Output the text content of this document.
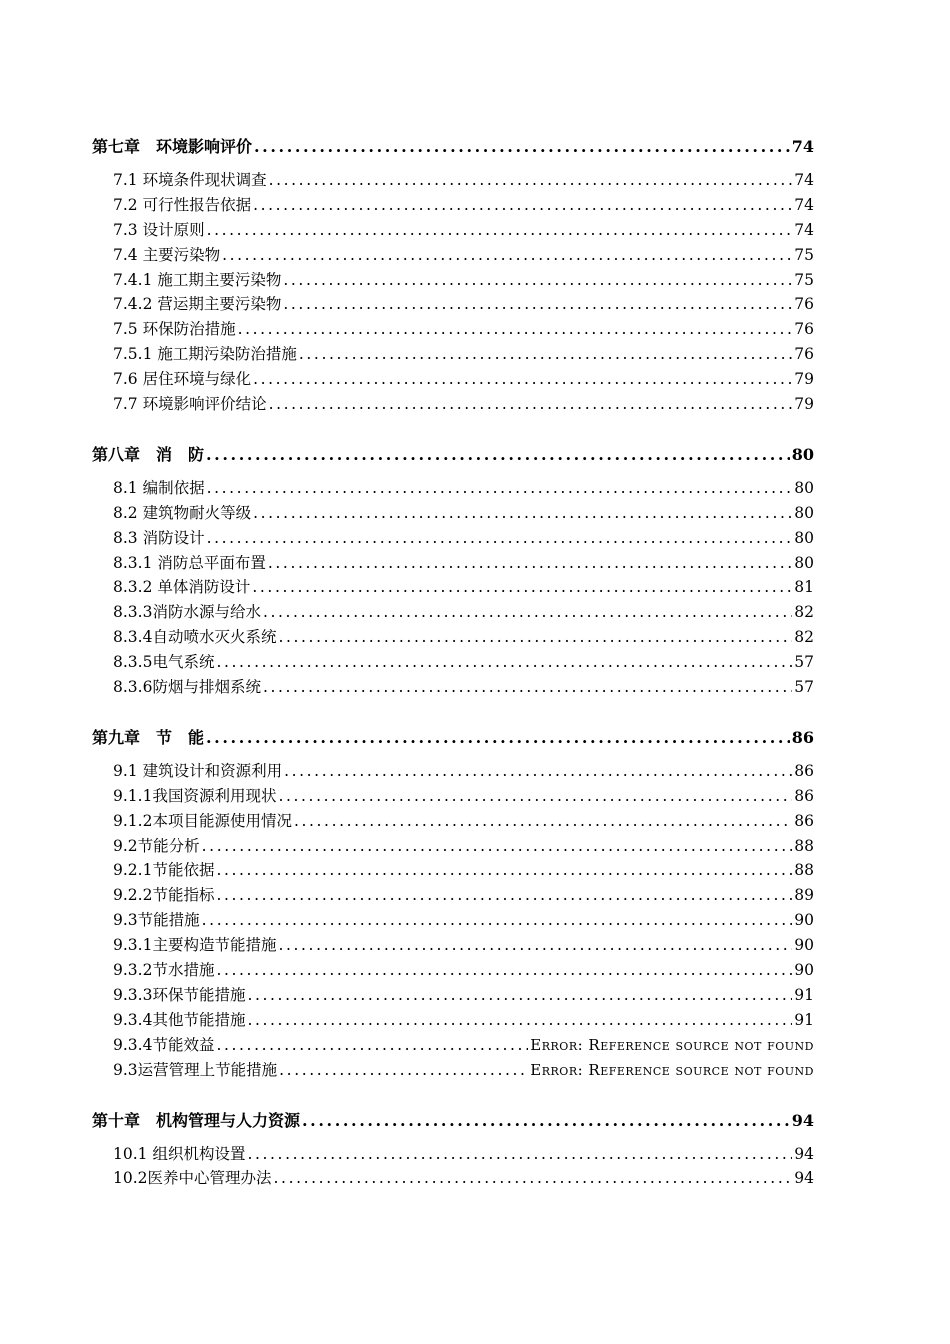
第七章　环境影响评价 .....	74
7.1 环境条件现状调查 .....	74
7.2 可行性报告依据 .....	74
7.3 设计原则 .....	74
7.4 主要污染物 .....	75
7.4.1 施工期主要污染物 .....	75
7.4.2 营运期主要污染物 .....	76
7.5 环保防治措施 .....	76
7.5.1 施工期污染防治措施 .....	76
7.6 居住环境与绿化 .....	79
7.7 环境影响评价结论 .....	79
第八章　消　防 .....	80
8.1 编制依据 .....	80
8.2 建筑物耐火等级 .....	80
8.3 消防设计 .....	80
8.3.1 消防总平面布置 .....	80
8.3.2 单体消防设计 .....	81
8.3.3消防水源与给水 .....	82
8.3.4自动喷水灭火系统 .....	82
8.3.5电气系统 .....	57
8.3.6防烟与排烟系统 .....	57
第九章　节　能 .....	86
9.1 建筑设计和资源利用 .....	86
9.1.1我国资源利用现状 .....	86
9.1.2本项目能源使用情况 .....	86
9.2节能分析 .....	88
9.2.1节能依据 .....	88
9.2.2节能指标 .....	89
9.3节能措施 .....	90
9.3.1主要构造节能措施 .....	90
9.3.2节水措施 .....	90
9.3.3环保节能措施 .....	91
9.3.4其他节能措施 .....	91
9.3.4节能效益 .....	Error: Reference source not found
9.3运营管理上节能措施 .....	Error: Reference source not found
第十章　机构管理与人力资源 .....	94
10.1 组织机构设置 .....	94
10.2医养中心管理办法 .....	94
